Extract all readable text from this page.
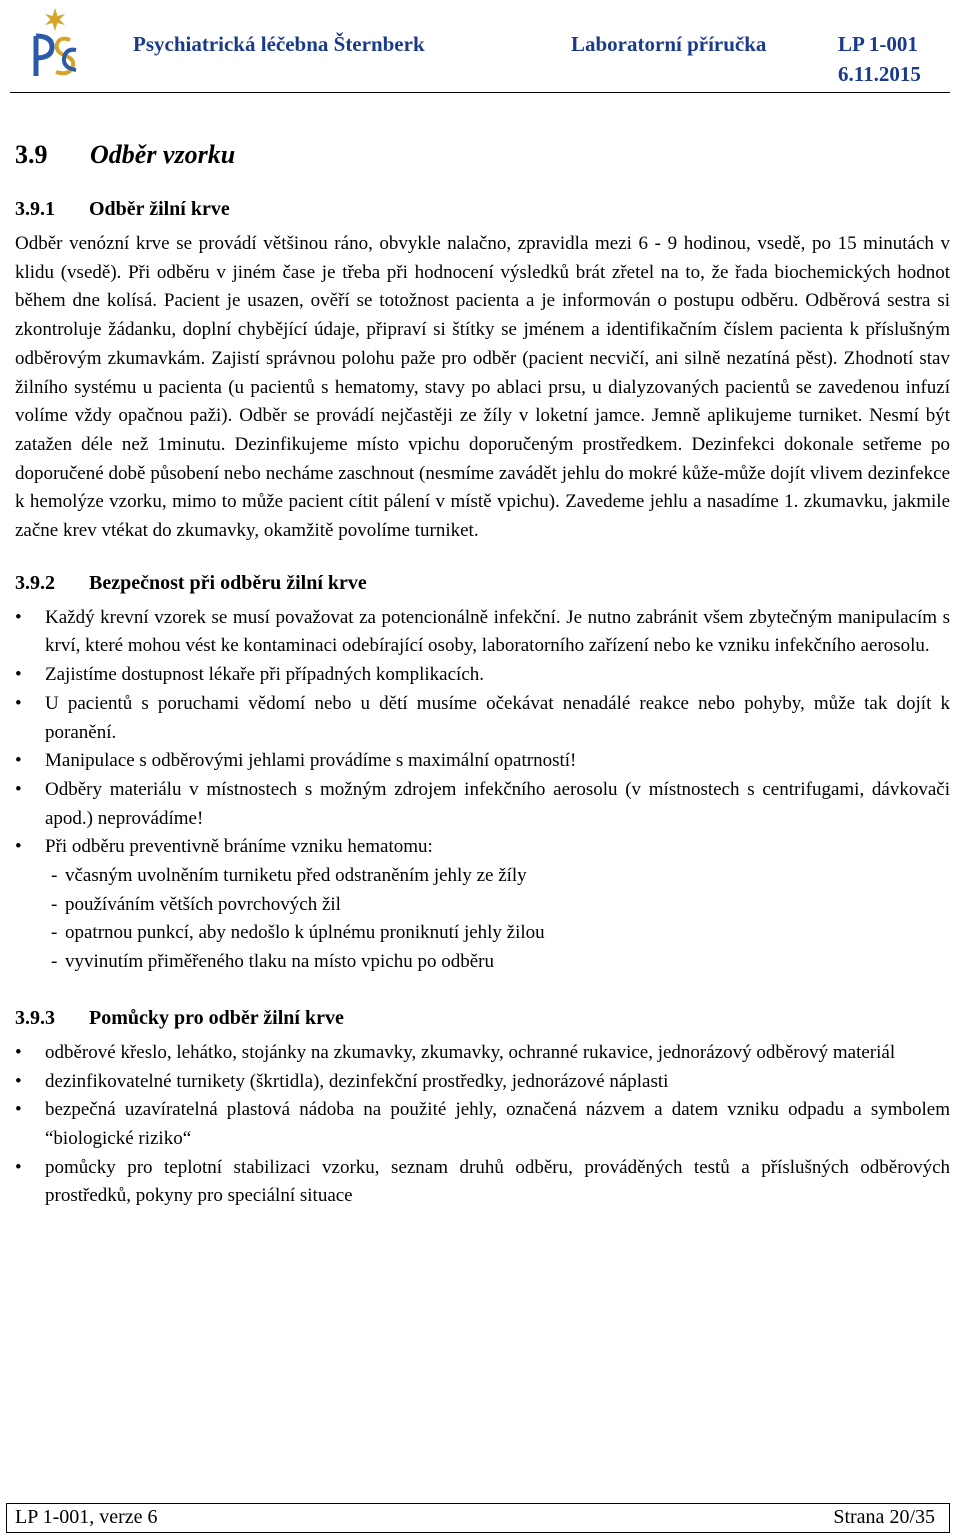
Psychiatrická léčebna Šternberk	Laboratorní příručka	LP 1-001
6.11.2015
3.9 Odběr vzorku
3.9.1 Odběr žilní krve

Odběr venózní krve se provádí většinou ráno, obvykle nalačno, zpravidla mezi 6 - 9 hodinou, vsedě, po 15 minutách v klidu (vsedě). Při odběru v jiném čase je třeba při hodnocení výsledků brát zřetel na to, že řada biochemických hodnot během dne kolísá. Pacient je usazen, ověří se totožnost pacienta a je informován o postupu odběru. Odběrová sestra si zkontroluje žádanku, doplní chybějící údaje, připraví si štítky se jménem a identifikačním číslem pacienta k příslušným odběrovým zkumavkám. Zajistí správnou polohu paže pro odběr (pacient necvičí, ani silně nezatíná pěst). Zhodnotí stav žilního systému u pacienta (u pacientů s hematomy, stavy po ablaci prsu, u dialyzovaných pacientů se zavedenou infuzí volíme vždy opačnou paži). Odběr se provádí nejčastěji ze žíly v loketní jamce. Jemně aplikujeme turniket. Nesmí být zatažen déle než 1minutu. Dezinfikujeme místo vpichu doporučeným prostředkem. Dezinfekci dokonale setřeme po doporučené době působení nebo necháme zaschnout (nesmíme zavádět jehlu do mokré kůže-může dojít vlivem dezinfekce k hemolýze vzorku, mimo to může pacient cítit pálení v místě vpichu). Zavedeme jehlu a nasadíme 1. zkumavku, jakmile začne krev vtékat do zkumavky, okamžitě povolíme turniket.

3.9.2 Bezpečnost při odběru žilní krve
• Každý krevní vzorek se musí považovat za potencionálně infekční. Je nutno zabránit všem zbytečným manipulacím s krví, které mohou vést ke kontaminaci odebírající osoby, laboratorního zařízení nebo ke vzniku infekčního aerosolu.
• Zajistíme dostupnost lékaře při případných komplikacích.
• U pacientů s poruchami vědomí nebo u dětí musíme očekávat nenadálé reakce nebo pohyby, může tak dojít k poranění.
• Manipulace s odběrovými jehlami provádíme s maximální opatrností!
• Odběry materiálu v místnostech s možným zdrojem infekčního aerosolu (v místnostech s centrifugami, dávkovači apod.) neprovádíme!
• Při odběru preventivně bráníme vzniku hematomu:
- včasným uvolněním turniketu před odstraněním jehly ze žíly
- používáním větších povrchových žil
- opatrnou punkcí, aby nedošlo k úplnému proniknutí jehly žilou
- vyvinutím přiměřeného tlaku na místo vpichu po odběru
3.9.3 Pomůcky pro odběr žilní krve
• odběrové křeslo, lehátko, stojánky na zkumavky, zkumavky, ochranné rukavice, jednorázový odběrový materiál
• dezinfikovatelné turnikety (škrtidla), dezinfekční prostředky, jednorázové náplasti
• bezpečná uzavíratelná plastová nádoba na použité jehly, označená názvem a datem vzniku odpadu a symbolem “biologické riziko“
• pomůcky pro teplotní stabilizaci vzorku, seznam druhů odběru, prováděných testů a příslušných odběrových prostředků, pokyny pro speciální situace
LP 1-001, verze 6	Strana 20/35
